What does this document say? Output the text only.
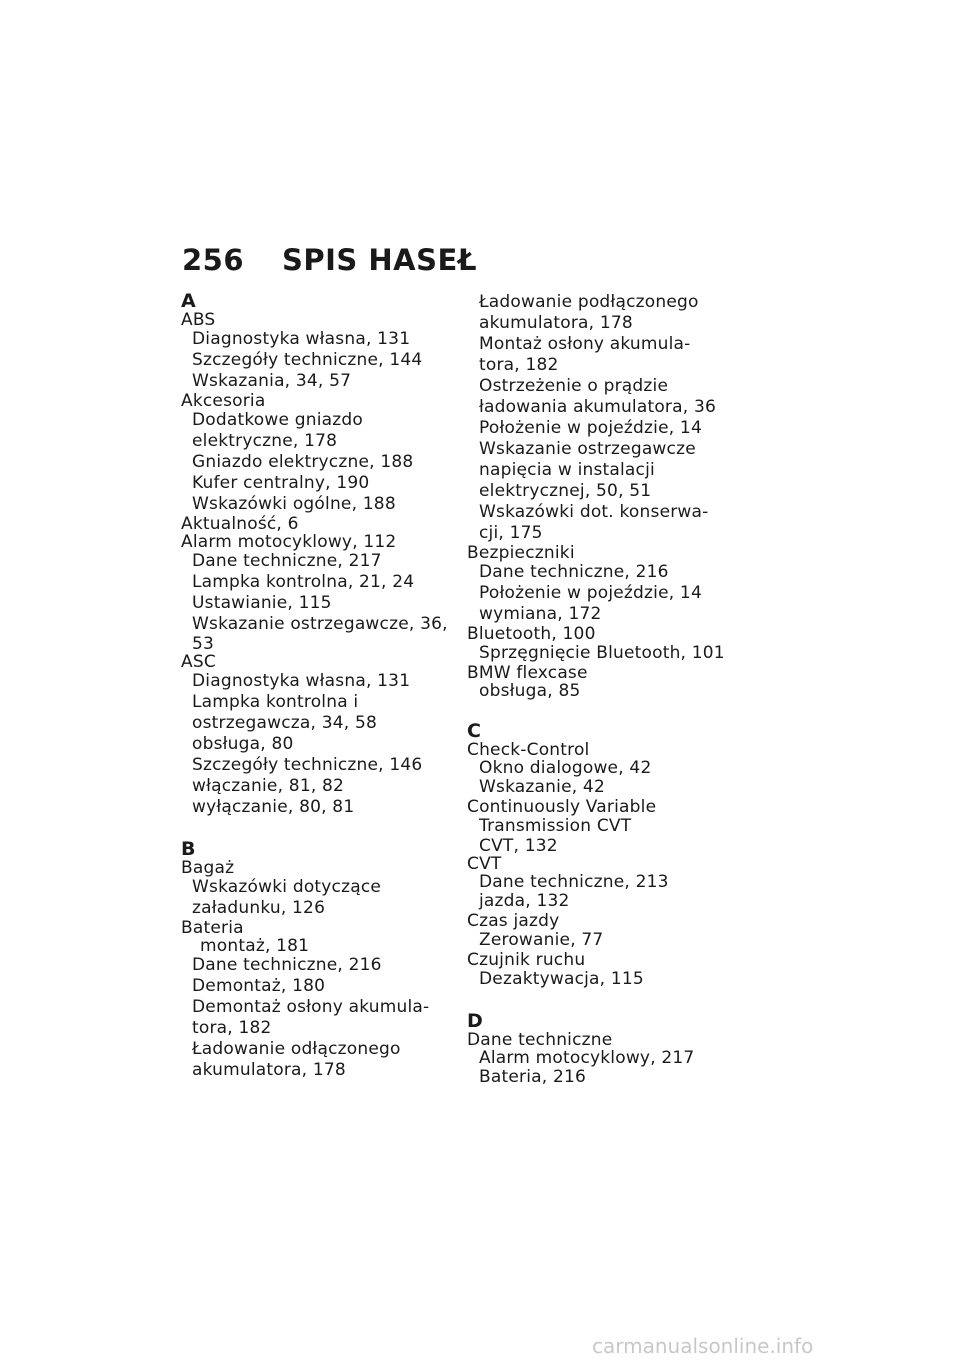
256 SPIS HASEŁ
A
ABS
Diagnostyka własna, 131
Szczegóły techniczne, 144
Wskazania, 34, 57
Akcesoria
Dodatkowe gniazdo
elektryczne, 178
Gniazdo elektryczne, 188
Kufer centralny, 190
Wskazówki ogólne, 188
Aktualność, 6
Alarm motocyklowy, 112
Dane techniczne, 217
Lampka kontrolna, 21, 24
Ustawianie, 115
Wskazanie ostrzegawcze, 36,
53
ASC
Diagnostyka własna, 131
Lampka kontrolna i
ostrzegawcza, 34, 58
obsługa, 80
Szczegóły techniczne, 146
włączanie, 81, 82
wyłączanie, 80, 81
B
Bagaż
Wskazówki dotyczące
załadunku, 126
Bateria
montaż, 181
Dane techniczne, 216
Demontaż, 180
Demontaż osłony akumula-
tora, 182
Ładowanie odłączonego
akumulatora, 178
Ładowanie podłączonego
akumulatora, 178
Montaż osłony akumula-
tora, 182
Ostrzeżenie o prądzie
ładowania akumulatora, 36
Położenie w pojeździe, 14
Wskazanie ostrzegawcze
napięcia w instalacji
elektrycznej, 50, 51
Wskazówki dot. konserwa-
cji, 175
Bezpieczniki
Dane techniczne, 216
Położenie w pojeździe, 14
wymiana, 172
Bluetooth, 100
Sprzęgnięcie Bluetooth, 101
BMW flexcase
obsługa, 85
C
Check-Control
Okno dialogowe, 42
Wskazanie, 42
Continuously Variable
Transmission CVT
CVT, 132
CVT
Dane techniczne, 213
jazda, 132
Czas jazdy
Zerowanie, 77
Czujnik ruchu
Dezaktywacja, 115
D
Dane techniczne
Alarm motocyklowy, 217
Bateria, 216
carmanualsonline.info
